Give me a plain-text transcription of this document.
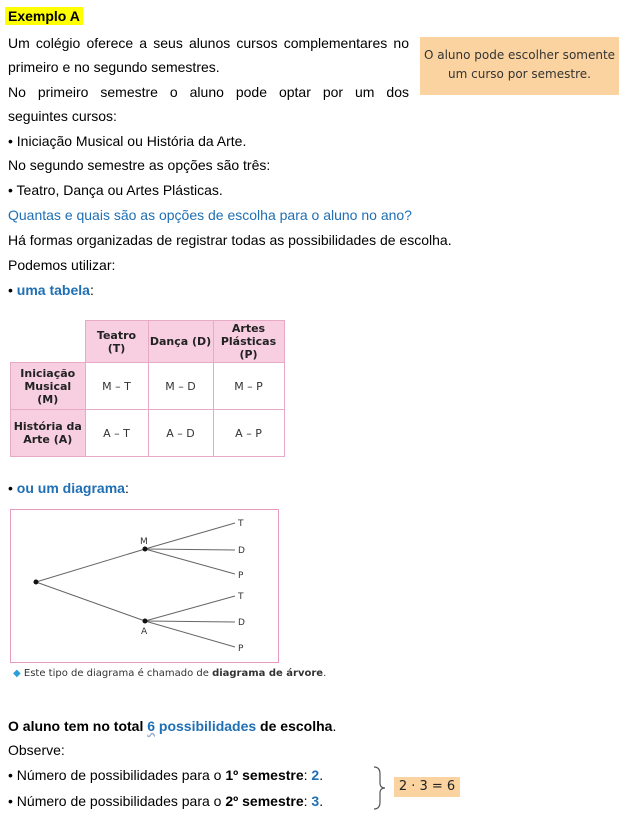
Exemplo A
Um colégio oferece a seus alunos cursos complementares no
primeiro e no segundo semestres.
No primeiro semestre o aluno pode optar por um dos
seguintes cursos:
• Iniciação Musical ou História da Arte.
No segundo semestre as opções são três:
• Teatro, Dança ou Artes Plásticas.
O aluno pode escolher somente
um curso por semestre.
Quantas e quais são as opções de escolha para o aluno no ano?
Há formas organizadas de registrar todas as possibilidades de escolha.
Podemos utilizar:
• uma tabela:
	Teatro (T)	Dança (D)	Artes Plásticas (P)
Iniciação Musical (M)	M – T	M – D	M – P
História da Arte (A)	A – T	A – D	A – P
• ou um diagrama:
M
A
T
D
P
T
D
P
◆ Este tipo de diagrama é chamado de diagrama de árvore.
O aluno tem no total 6 possibilidades de escolha.
Observe:
• Número de possibilidades para o 1º semestre: 2.
• Número de possibilidades para o 2º semestre: 3.
2 · 3 = 6
